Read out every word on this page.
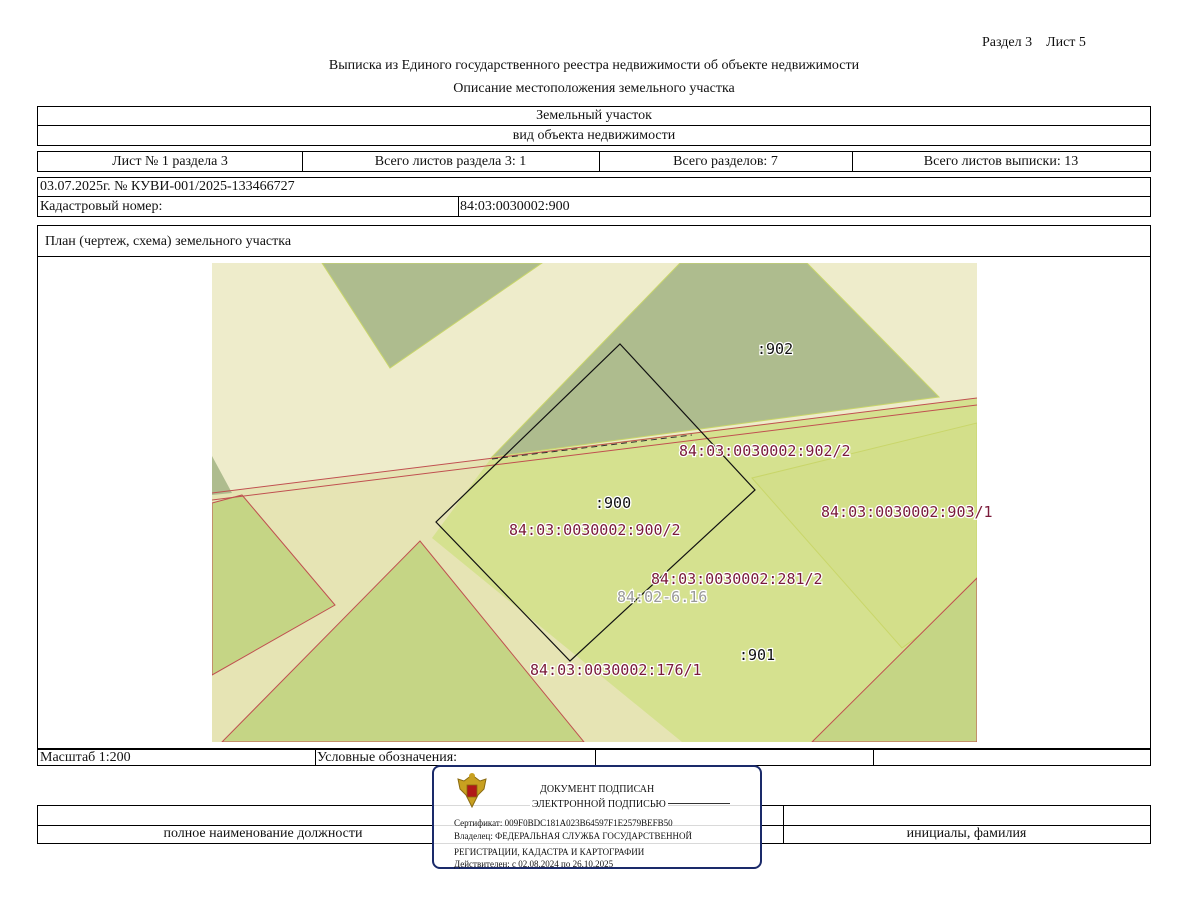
Раздел 3    Лист 5
Выписка из Единого государственного реестра недвижимости об объекте недвижимости
Описание местоположения земельного участка
Земельный участок
вид объекта недвижимости
Лист № 1 раздела 3	Всего листов раздела 3: 1	Всего разделов: 7	Всего листов выписки: 13
03.07.2025г. № КУВИ-001/2025-133466727
Кадастровый номер:	84:03:0030002:900
План (чертеж, схема) земельного участка
:902
84:03:0030002:902/2
:900
84:03:0030002:900/2
84:03:0030002:903/1
84:03:0030002:281/2
84:02-6.16
:901
84:03:0030002:176/1
Масштаб 1:200	Условные обозначения:
полное наименование должности	инициалы, фамилия
ДОКУМЕНТ ПОДПИСАН
ЭЛЕКТРОННОЙ ПОДПИСЬЮ
Сертификат: 009F0BDC181A023B64597F1E2579BEFB50
Владелец: ФЕДЕРАЛЬНАЯ СЛУЖБА ГОСУДАРСТВЕННОЙ
РЕГИСТРАЦИИ, КАДАСТРА И КАРТОГРАФИИ
Действителен: с 02.08.2024 по 26.10.2025
